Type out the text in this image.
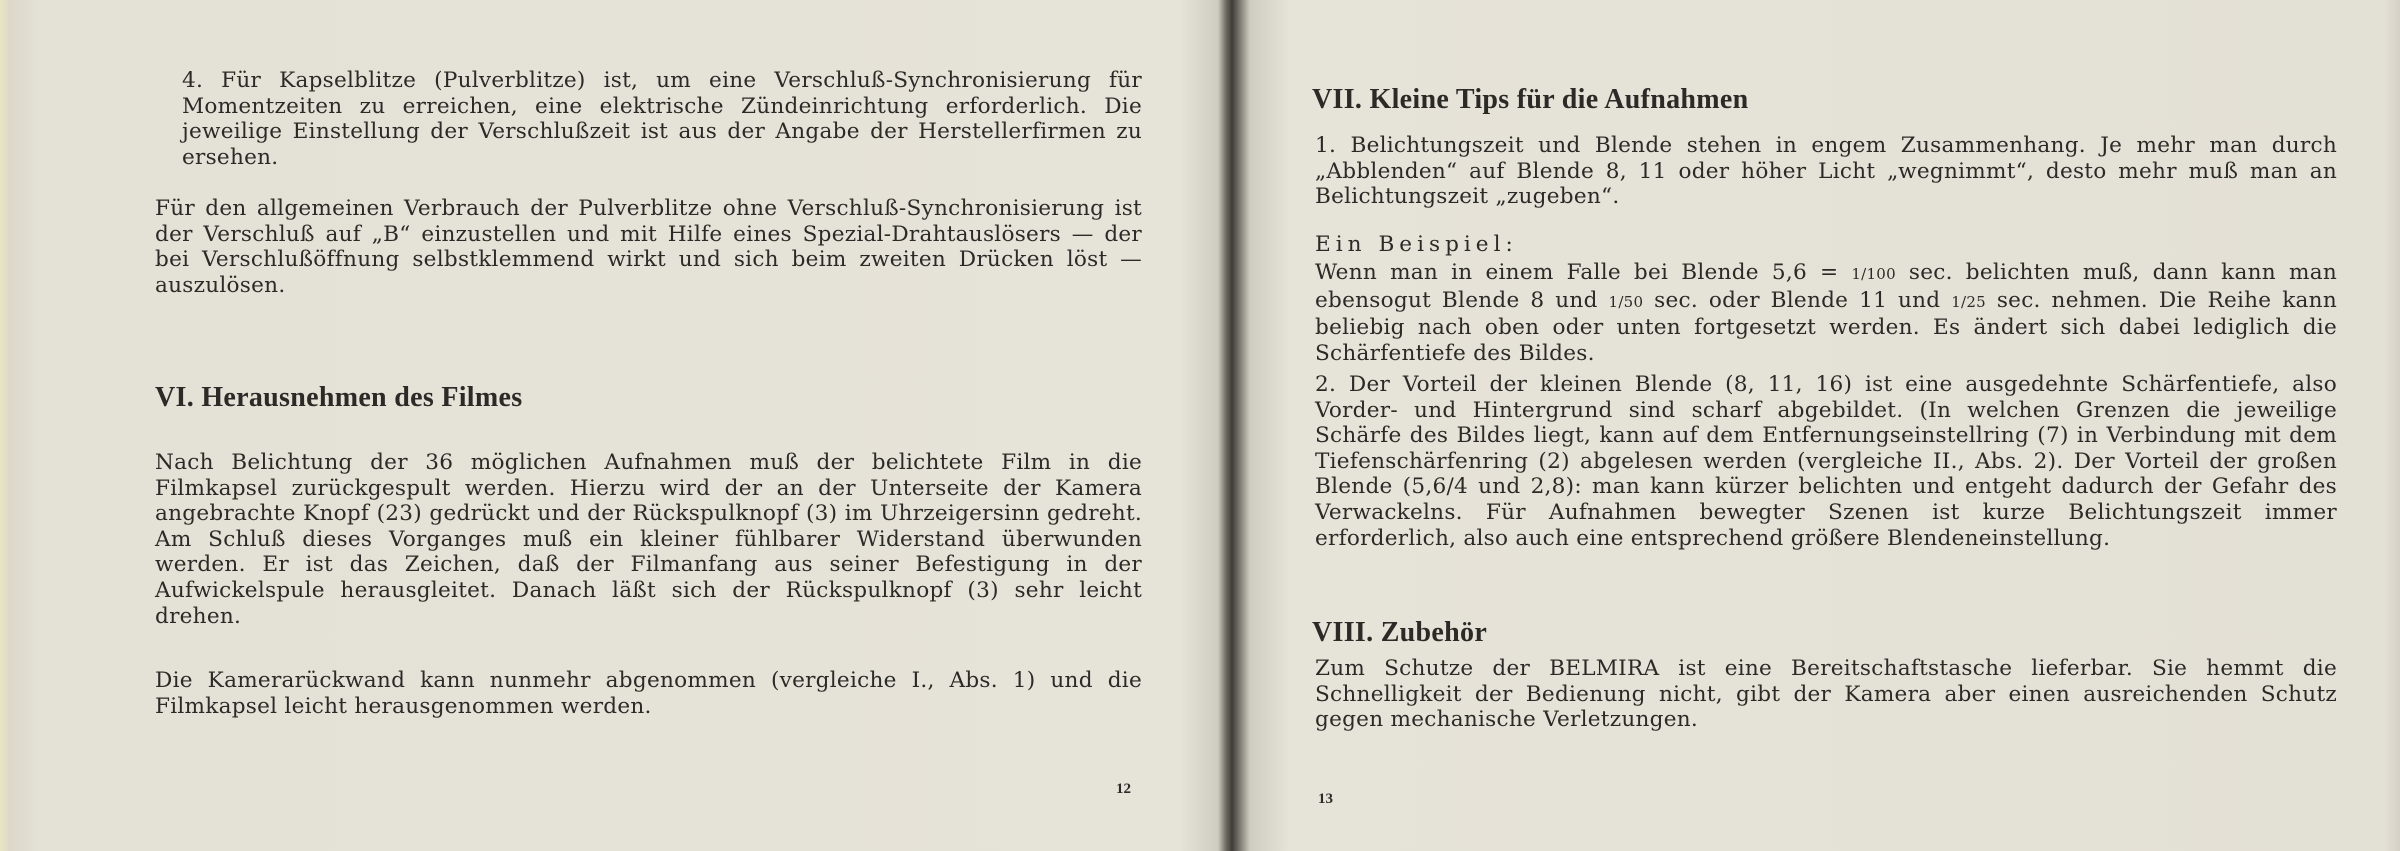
4. Für Kapselblitze (Pulverblitze) ist, um eine Verschluß-Synchronisierung für Momentzeiten zu erreichen, eine elektrische Zündeinrichtung erforderlich. Die jeweilige Einstellung der Verschlußzeit ist aus der Angabe der Herstellerfirmen zu ersehen.

Für den allgemeinen Verbrauch der Pulverblitze ohne Verschluß-Synchronisierung ist der Verschluß auf „B“ einzustellen und mit Hilfe eines Spezial-Drahtauslösers — der bei Verschlußöffnung selbstklemmend wirkt und sich beim zweiten Drücken löst — auszulösen.

VI. Herausnehmen des Filmes

Nach Belichtung der 36 möglichen Aufnahmen muß der belichtete Film in die Filmkapsel zurückgespult werden. Hierzu wird der an der Unterseite der Kamera angebrachte Knopf (23) gedrückt und der Rückspulknopf (3) im Uhrzeigersinn gedreht. Am Schluß dieses Vorganges muß ein kleiner fühlbarer Widerstand überwunden werden. Er ist das Zeichen, daß der Filmanfang aus seiner Befestigung in der Aufwickelspule herausgleitet. Danach läßt sich der Rückspulknopf (3) sehr leicht drehen.

Die Kamerarückwand kann nunmehr abgenommen (vergleiche I., Abs. 1) und die Filmkapsel leicht herausgenommen werden.

12
VII. Kleine Tips für die Aufnahmen

1. Belichtungszeit und Blende stehen in engem Zusammenhang. Je mehr man durch „Abblenden“ auf Blende 8, 11 oder höher Licht „wegnimmt“, desto mehr muß man an Belichtungszeit „zugeben“.

Ein Beispiel:

Wenn man in einem Falle bei Blende 5,6 = 1/100 sec. belichten muß, dann kann man ebensogut Blende 8 und 1/50 sec. oder Blende 11 und 1/25 sec. nehmen. Die Reihe kann beliebig nach oben oder unten fortgesetzt werden. Es ändert sich dabei lediglich die Schärfentiefe des Bildes.

2. Der Vorteil der kleinen Blende (8, 11, 16) ist eine ausgedehnte Schärfentiefe, also Vorder- und Hintergrund sind scharf abgebildet. (In welchen Grenzen die jeweilige Schärfe des Bildes liegt, kann auf dem Entfernungseinstellring (7) in Verbindung mit dem Tiefenschärfenring (2) abgelesen werden (vergleiche II., Abs. 2). Der Vorteil der großen Blende (5,6/4 und 2,8): man kann kürzer belichten und entgeht dadurch der Gefahr des Verwackelns. Für Aufnahmen bewegter Szenen ist kurze Belichtungszeit immer erforderlich, also auch eine entsprechend größere Blendeneinstellung.

VIII. Zubehör

Zum Schutze der BELMIRA ist eine Bereitschaftstasche lieferbar. Sie hemmt die Schnelligkeit der Bedienung nicht, gibt der Kamera aber einen ausreichenden Schutz gegen mechanische Verletzungen.

13
